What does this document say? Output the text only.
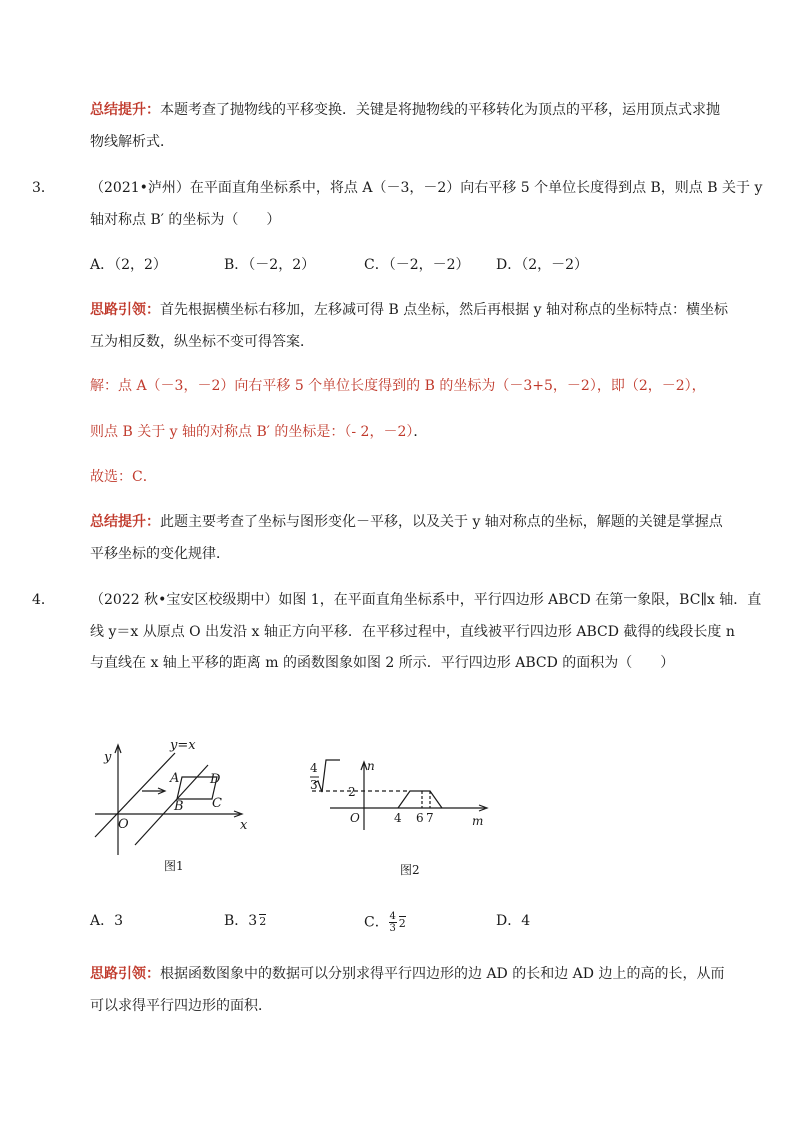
总结提升：本题考查了抛物线的平移变换．关键是将抛物线的平移转化为顶点的平移，运用顶点式求抛
物线解析式．
3．	（2021•泸州）在平面直角坐标系中，将点 A（－3，－2）向右平移 5 个单位长度得到点 B，则点 B 关于 y
轴对称点 B′ 的坐标为（　　）
A．（2，2）	B．（－2，2）	C．（－2，－2） D．（2，－2）
思路引领：首先根据横坐标右移加，左移减可得 B 点坐标，然后再根据 y 轴对称点的坐标特点：横坐标
互为相反数，纵坐标不变可得答案．
解：点 A（－3，－2）向右平移 5 个单位长度得到的 B 的坐标为（－3+5，－2），即（2，－2），
则点 B 关于 y 轴的对称点 B′ 的坐标是：（- 2，－2）．
故选：C．
总结提升：此题主要考查了坐标与图形变化－平移，以及关于 y 轴对称点的坐标，解题的关键是掌握点
平移坐标的变化规律．
4．	（2022 秋•宝安区校级期中）如图 1，在平面直角坐标系中，平行四边形 ABCD 在第一象限，BC∥x 轴．直
线 y＝x 从原点 O 出发沿 x 轴正方向平移．在平移过程中，直线被平行四边形 ABCD 截得的线段长度 n
与直线在 x 轴上平移的距离 m 的函数图象如图 2 所示．平行四边形 ABCD 的面积为（　　）
y=x
y
x
O
A
B C
D
图1
4
3	2
n
m
O	4 6 7
图2
A．3	B．3 2	C． $\frac{4}{3} 2$	D．4
思路引领：根据函数图象中的数据可以分别求得平行四边形的边 AD 的长和边 AD 边上的高的长，从而
可以求得平行四边形的面积．
